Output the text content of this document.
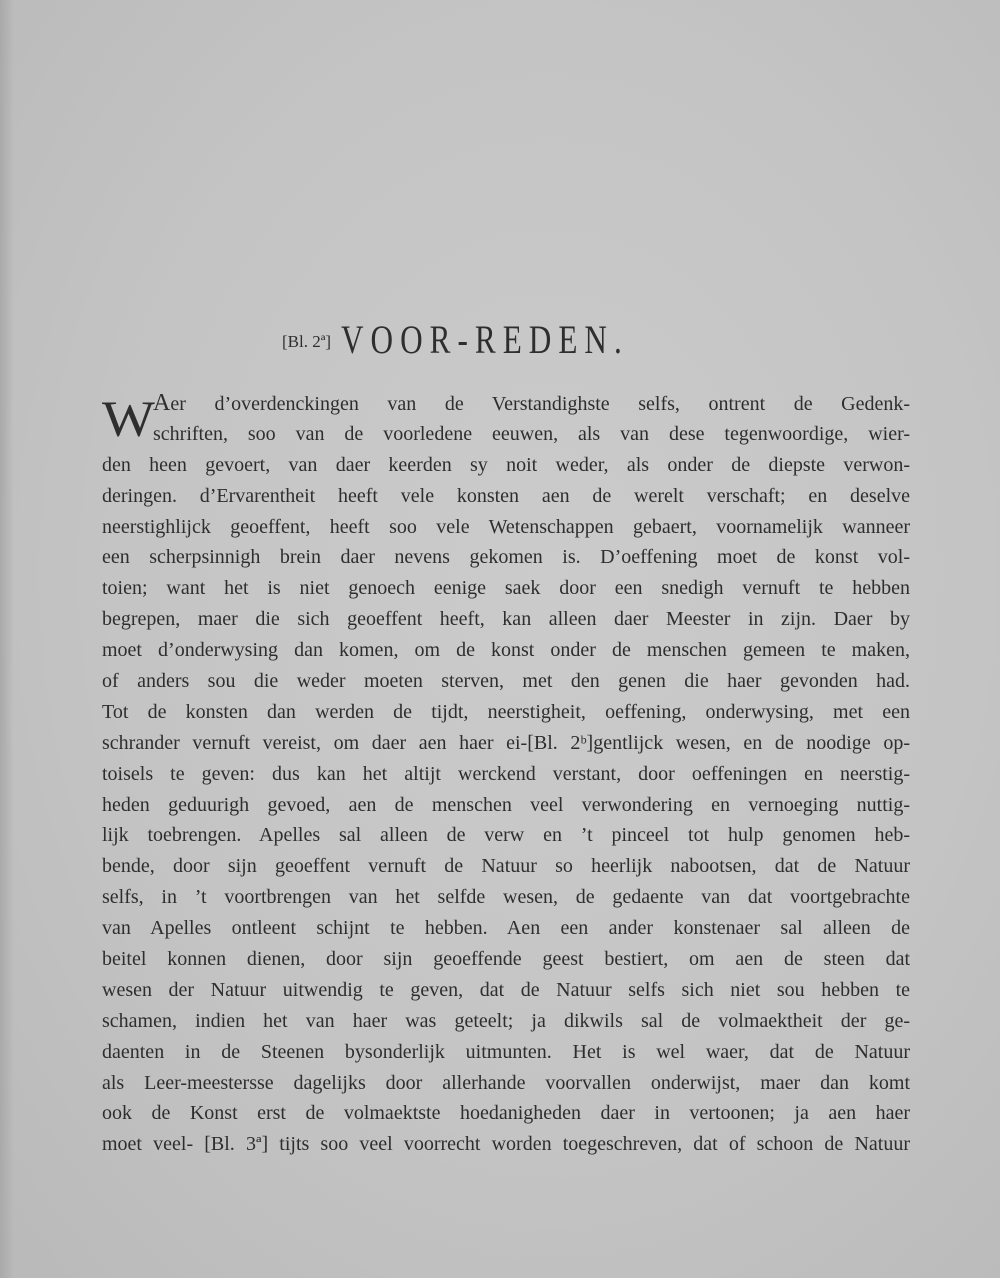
[Bl. 2ª] VOOR-REDEN.
W
Aer d’overdenckingen van de Verstandighste selfs, ontrent de Gedenk-
schriften, soo van de voorledene eeuwen, als van dese tegenwoordige, wier-
den heen gevoert, van daer keerden sy noit weder, als onder de diepste verwon-
deringen. d’Ervarentheit heeft vele konsten aen de werelt verschaft; en deselve
neerstighlijck geoeffent, heeft soo vele Wetenschappen gebaert, voornamelijk wanneer
een scherpsinnigh brein daer nevens gekomen is. D’oeffening moet de konst vol-
toien; want het is niet genoech eenige saek door een snedigh vernuft te hebben
begrepen, maer die sich geoeffent heeft, kan alleen daer Meester in zijn. Daer by
moet d’onderwysing dan komen, om de konst onder de menschen gemeen te maken,
of anders sou die weder moeten sterven, met den genen die haer gevonden had.
Tot de konsten dan werden de tijdt, neerstigheit, oeffening, onderwysing, met een
schrander vernuft vereist, om daer aen haer ei-[Bl. 2ᵇ]gentlijck wesen, en de noodige op-
toisels te geven: dus kan het altijt werckend verstant, door oeffeningen en neerstig-
heden geduurigh gevoed, aen de menschen veel verwondering en vernoeging nuttig-
lijk toebrengen. Apelles sal alleen de verw en ’t pinceel tot hulp genomen heb-
bende, door sijn geoeffent vernuft de Natuur so heerlijk nabootsen, dat de Natuur
selfs, in ’t voortbrengen van het selfde wesen, de gedaente van dat voortgebrachte
van Apelles ontleent schijnt te hebben. Aen een ander konstenaer sal alleen de
beitel konnen dienen, door sijn geoeffende geest bestiert, om aen de steen dat
wesen der Natuur uitwendig te geven, dat de Natuur selfs sich niet sou hebben te
schamen, indien het van haer was geteelt; ja dikwils sal de volmaektheit der ge-
daenten in de Steenen bysonderlijk uitmunten. Het is wel waer, dat de Natuur
als Leer-meestersse dagelijks door allerhande voorvallen onderwijst, maer dan komt
ook de Konst erst de volmaektste hoedanigheden daer in vertoonen; ja aen haer
moet veel- [Bl. 3ª] tijts soo veel voorrecht worden toegeschreven, dat of schoon de Natuur
